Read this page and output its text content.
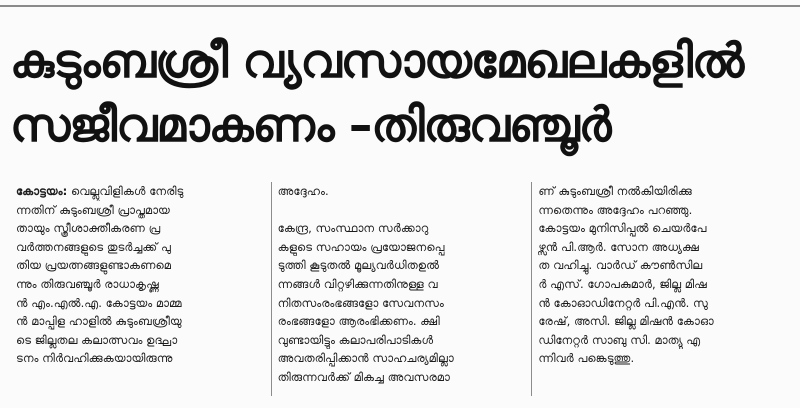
കുടുംബശ്രീ വ്യവസായമേഖലകളിൽ
സജീവമാകണം –തിരുവഞ്ചൂർ
കോട്ടയം: വെല്ലുവിളികൾ നേരിടു
ന്നതിന് കുടുംബശ്രീ പ്രാപ്തമാ‌യ
തായും സ്ത്രീശാക്തീകരണ പ്ര
വർത്തനങ്ങളുടെ തുടർച്ചക്ക് പു
തിയ പ്രയത്നങ്ങളുണ്ടാകണമെ
ന്നും തിരുവഞ്ചൂർ രാധാകൃഷ്ണ
ൻ എം.എൽ.എ. കോട്ടയം മാമ്മ
ൻ മാപ്പിള ഹാളിൽ കുടുംബശ്രീയു
ടെ ജില്ലതല കലാത്സവം ഉദ്ഘാ
ടനം നിർവഹിക്കുകയായിരുന്നു
അദ്ദേഹം.
കേന്ദ്ര, സംസ്ഥാന സർക്കാറു
കളുടെ സഹായം പ്രയോജനപ്പെ
ടുത്തി കൂടുതൽ മൂല്യവർധിതഉൽ
ന്നങ്ങൾ വിറ്റഴിക്കുന്നതിനുള്ള വ
നിതസംരംഭങ്ങളോ സേവനസം
രംഭങ്ങളോ ആരംഭിക്കണം. ക്ഷി
വുണ്ടായിട്ടും കലാപരിപാടികൾ
അവതരിപ്പിക്കാൻ സാഹചര്യമില്ലാ
തിരുന്നവർക്ക് മികച്ച അവസരമാ
ണ് കുടുംബശ്രീ നൽകിയിരിക്കു
ന്നതെന്നും അദ്ദേഹം പറഞ്ഞു.
കോട്ടയം മുനിസിപ്പൽ ചെയർപേ
ഴ്സൻ പി.ആർ. സോന അധ്യക്ഷ
ത വഹിച്ചു. വാർഡ് കൗൺസില
ർ എസ്. ഗോപകുമാർ, ജില്ല മിഷ
ൻ കോഓഡിനേറ്റർ പി.എൻ. സു
രേഷ്, അസി. ജില്ല മിഷൻ കോഓ
ഡിനേറ്റർ സാബു സി. മാത്യു എ
ന്നിവർ പങ്കെടുത്തു.
